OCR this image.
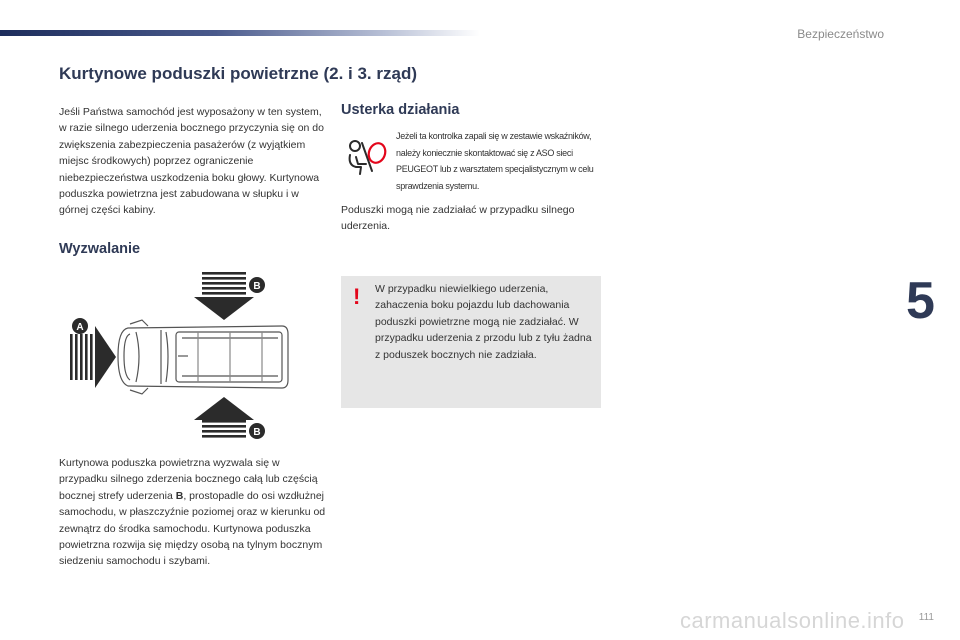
Bezpieczeństwo
Kurtynowe poduszki powietrzne (2. i 3. rząd)
Jeśli Państwa samochód jest wyposażony w ten system, w razie silnego uderzenia bocznego przyczynia się on do zwiększenia zabezpieczenia pasażerów (z wyjątkiem miejsc środkowych) poprzez ograniczenie niebezpieczeństwa uszkodzenia boku głowy. Kurtynowa poduszka powietrzna jest zabudowana w słupku i w górnej części kabiny.
Wyzwalanie
B
A
B
Kurtynowa poduszka powietrzna wyzwala się w przypadku silnego zderzenia bocznego całą lub częścią bocznej strefy uderzenia B, prostopadle do osi wzdłużnej samochodu, w płaszczyźnie poziomej oraz w kierunku od zewnątrz do środka samochodu. Kurtynowa poduszka powietrzna rozwija się między osobą na tylnym bocznym siedzeniu samochodu i szybami.
Usterka działania
Jeżeli ta kontrolka zapali się w zestawie wskaźników, należy koniecznie skontaktować się z ASO sieci PEUGEOT lub z warsztatem specjalistycznym w celu sprawdzenia systemu.
Poduszki mogą nie zadziałać w przypadku silnego uderzenia.
! W przypadku niewielkiego uderzenia, zahaczenia boku pojazdu lub dachowania poduszki powietrzne mogą nie zadziałać. W przypadku uderzenia z przodu lub z tyłu żadna z poduszek bocznych nie zadziała.
5
carmanualsonline.info 111
